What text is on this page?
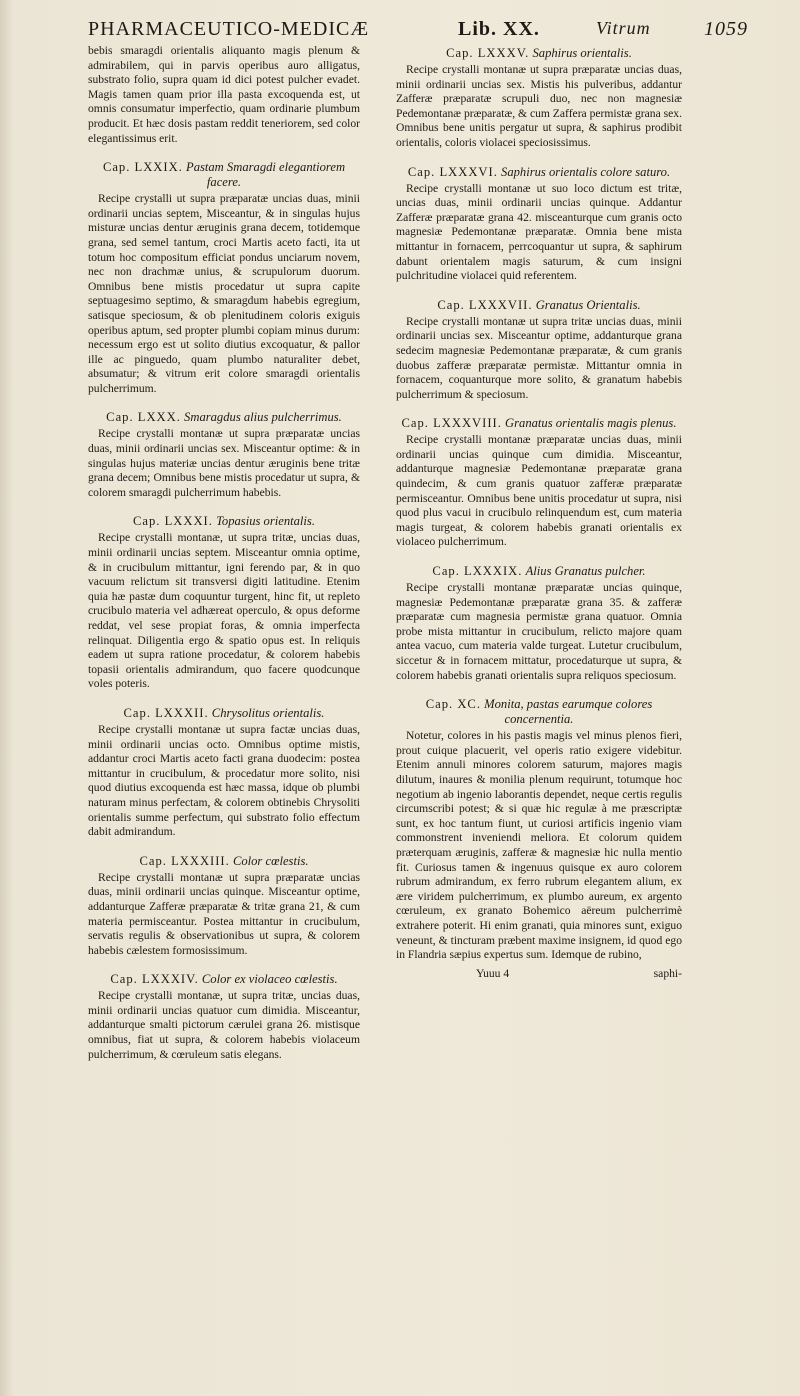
PHARMACEUTICO-MEDICÆ	Lib. XX.	Vitrum	1059

bebis smaragdi orientalis aliquanto magis plenum & admirabilem, qui in parvis operibus auro alligatus, substrato folio, supra quam id dici potest pulcher evadet. Magis tamen quam prior illa pasta excoquenda est, ut omnis consumatur imperfectio, quam ordinarie plumbum producit. Et hæc dosis pastam reddit teneriorem, sed color elegantissimus erit.

Cap. LXXIX. Pastam Smaragdi elegantiorem facere.

Recipe crystalli ut supra præparatæ uncias duas, minii ordinarii uncias septem, Misceantur, & in singulas hujus misturæ uncias dentur æruginis grana decem, totidemque grana, sed semel tantum, croci Martis aceto facti, ita ut totum hoc compositum efficiat pondus unciarum novem, nec non drachmæ unius, & scrupulorum duorum. Omnibus bene mistis procedatur ut supra capite septuagesimo septimo, & smaragdum habebis egregium, satisque speciosum, & ob plenitudinem coloris exiguis operibus aptum, sed propter plumbi copiam minus durum: necessum ergo est ut solito diutius excoquatur, & pallor ille ac pinguedo, quam plumbo naturaliter debet, absumatur; & vitrum erit colore smaragdi orientalis pulcherrimum.

Cap. LXXX. Smaragdus alius pulcherrimus.

Recipe crystalli montanæ ut supra præparatæ uncias duas, minii ordinarii uncias sex. Misceantur optime: & in singulas hujus materiæ uncias dentur æruginis bene tritæ grana decem; Omnibus bene mistis procedatur ut supra, & colorem smaragdi pulcherrimum habebis.

Cap. LXXXI. Topasius orientalis.

Recipe crystalli montanæ, ut supra tritæ, uncias duas, minii ordinarii uncias septem. Misceantur omnia optime, & in crucibulum mittantur, igni ferendo par, & in quo vacuum relictum sit transversi digiti latitudine. Etenim quia hæ pastæ dum coquuntur turgent, hinc fit, ut repleto crucibulo materia vel adhæreat operculo, & opus deforme reddat, vel sese propiat foras, & omnia imperfecta relinquat. Diligentia ergo & spatio opus est. In reliquis eadem ut supra ratione procedatur, & colorem habebis topasii orientalis admirandum, quo facere quodcunque voles poteris.

Cap. LXXXII. Chrysolitus orientalis.

Recipe crystalli montanæ ut supra factæ uncias duas, minii ordinarii uncias octo. Omnibus optime mistis, addantur croci Martis aceto facti grana duodecim: postea mittantur in crucibulum, & procedatur more solito, nisi quod diutius excoquenda est hæc massa, idque ob plumbi naturam minus perfectam, & colorem obtinebis Chrysoliti orientalis summe perfectum, qui substrato folio effectum dabit admirandum.

Cap. LXXXIII. Color cœlestis.

Recipe crystalli montanæ ut supra præparatæ uncias duas, minii ordinarii uncias quinque. Misceantur optime, addanturque Zafferæ præparatæ & tritæ grana 21, & cum materia permisceantur. Postea mittantur in crucibulum, servatis regulis & observationibus ut supra, & colorem habebis cælestem formosissimum.

Cap. LXXXIV. Color ex violaceo cœlestis.

Recipe crystalli montanæ, ut supra tritæ, uncias duas, minii ordinarii uncias quatuor cum dimidia. Misceantur, addanturque smalti pictorum cærulei grana 26. mistisque omnibus, fiat ut supra, & colorem habebis violaceum pulcherrimum, & cœruleum satis elegans.

Cap. LXXXV. Saphirus orientalis.

Recipe crystalli montanæ ut supra præparatæ uncias duas, minii ordinarii uncias sex. Mistis his pulveribus, addantur Zafferæ præparatæ scrupuli duo, nec non magnesiæ Pedemontanæ præparatæ, & cum Zaffera permistæ grana sex. Omnibus bene unitis pergatur ut supra, & saphirus prodibit orientalis, coloris violacei speciosissimus.

Cap. LXXXVI. Saphirus orientalis colore saturo.

Recipe crystalli montanæ ut suo loco dictum est tritæ, uncias duas, minii ordinarii uncias quinque. Addantur Zafferæ præparatæ grana 42. misceanturque cum granis octo magnesiæ Pedemontanæ præparatæ. Omnia bene mista mittantur in fornacem, perrcoquantur ut supra, & saphirum dabunt orientalem magis saturum, & cum insigni pulchritudine violacei quid referentem.

Cap. LXXXVII. Granatus Orientalis.

Recipe crystalli montanæ ut supra tritæ uncias duas, minii ordinarii uncias sex. Misceantur optime, addanturque grana sedecim magnesiæ Pedemontanæ præparatæ, & cum granis duobus zafferæ præparatæ permistæ. Mittantur omnia in fornacem, coquanturque more solito, & granatum habebis pulcherrimum & speciosum.

Cap. LXXXVIII. Granatus orientalis magis plenus.

Recipe crystalli montanæ præparatæ uncias duas, minii ordinarii uncias quinque cum dimidia. Misceantur, addanturque magnesiæ Pedemontanæ præparatæ grana quindecim, & cum granis quatuor zafferæ præparatæ permisceantur. Omnibus bene unitis procedatur ut supra, nisi quod plus vacui in crucibulo relinquendum est, cum materia magis turgeat, & colorem habebis granati orientalis ex violaceo pulcherrimum.

Cap. LXXXIX. Alius Granatus pulcher.

Recipe crystalli montanæ præparatæ uncias quinque, magnesiæ Pedemontanæ præparatæ grana 35. & zafferæ præparatæ cum magnesia permistæ grana quatuor. Omnia probe mista mittantur in crucibulum, relicto majore quam antea vacuo, cum materia valde turgeat. Lutetur crucibulum, siccetur & in fornacem mittatur, procedaturque ut supra, & colorem habebis granati orientalis supra reliquos speciosum.

Cap. XC. Monita, pastas earumque colores concernentia.

Notetur, colores in his pastis magis vel minus plenos fieri, prout cuique placuerit, vel operis ratio exigere videbitur. Etenim annuli minores colorem saturum, majores magis dilutum, inaures & monilia plenum requirunt, totumque hoc negotium ab ingenio laborantis dependet, neque certis regulis circumscribi potest; & si quæ hic regulæ à me præscriptæ sunt, ex hoc tantum fiunt, ut curiosi artificis ingenio viam commonstrent inveniendi meliora. Et colorum quidem præterquam æruginis, zafferæ & magnesiæ hic nulla mentio fit. Curiosus tamen & ingenuus quisque ex auro colorem rubrum admirandum, ex ferro rubrum elegantem alium, ex ære viridem pulcherrimum, ex plumbo aureum, ex argento cœruleum, ex granato Bohemico aëreum pulcherrimè extrahere poterit. Hi enim granati, quia minores sunt, exiguo veneunt, & tincturam præbent maxime insignem, id quod ego in Flandria sæpius expertus sum. Idemque de rubino,

Yuuu 4	saphi-
